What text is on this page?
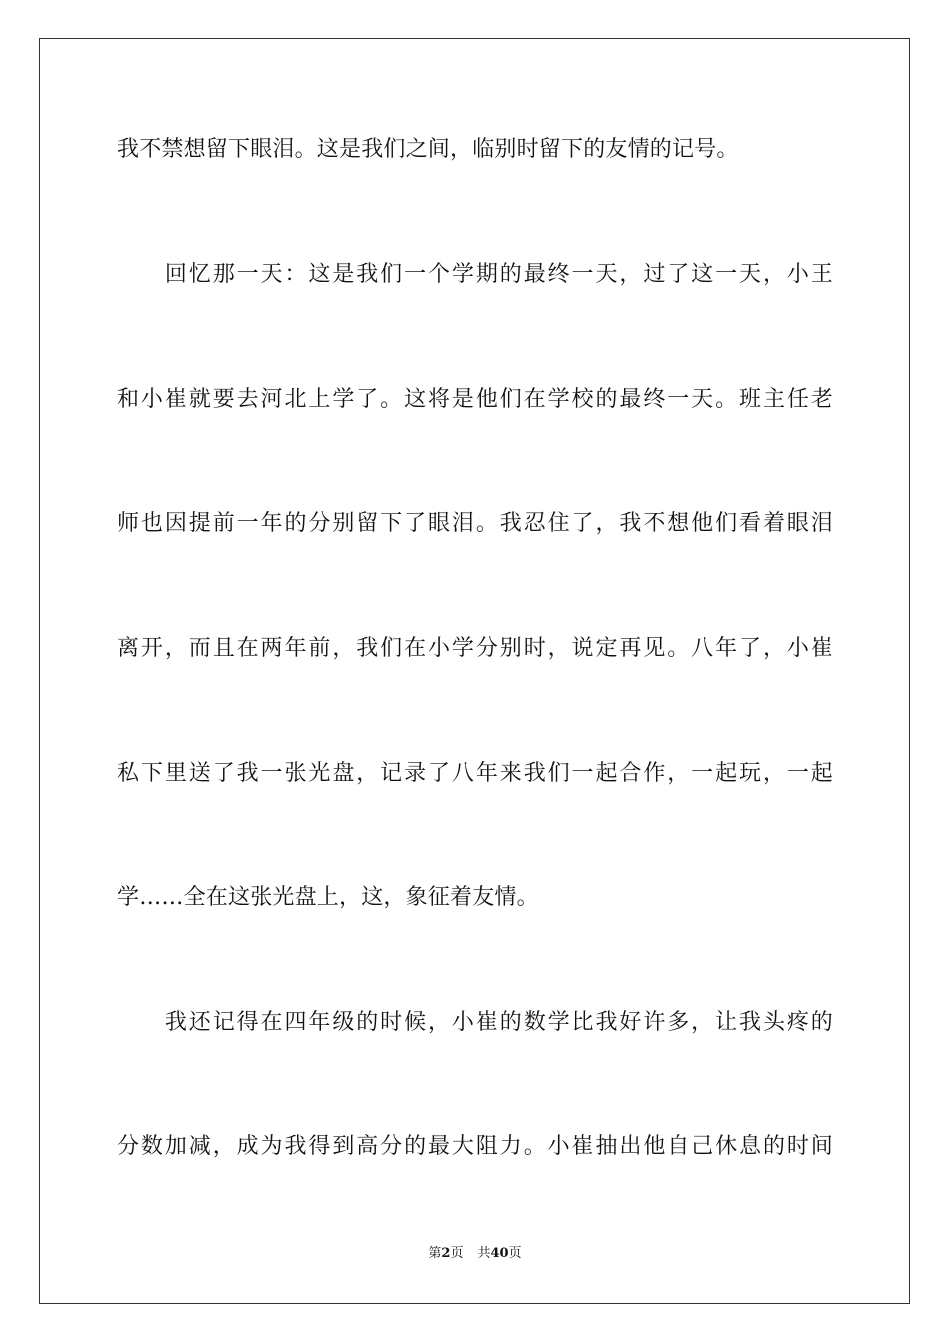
我不禁想留下眼泪。这是我们之间，临别时留下的友情的记号。
　　回忆那一天：这是我们一个学期的最终一天，过了这一天，小王
和小崔就要去河北上学了。这将是他们在学校的最终一天。班主任老
师也因提前一年的分别留下了眼泪。我忍住了，我不想他们看着眼泪
离开，而且在两年前，我们在小学分别时，说定再见。八年了，小崔
私下里送了我一张光盘，记录了八年来我们一起合作，一起玩，一起
学……全在这张光盘上，这，象征着友情。
　　我还记得在四年级的时候，小崔的数学比我好许多，让我头疼的
分数加减，成为我得到高分的最大阻力。小崔抽出他自己休息的时间
第2页 共40页
